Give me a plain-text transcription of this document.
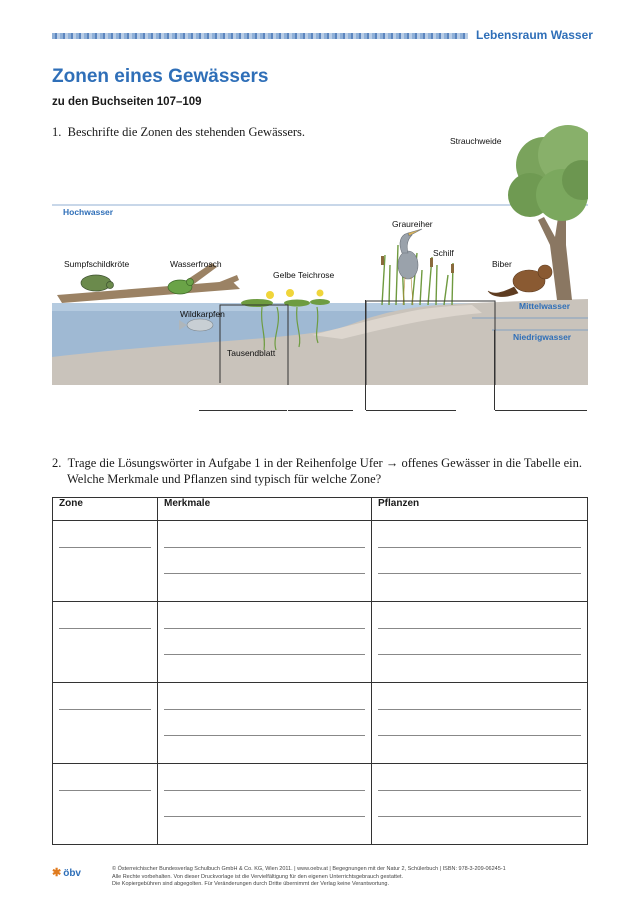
Lebensraum Wasser
Zonen eines Gewässers
zu den Buchseiten 107–109
1. Beschrifte die Zonen des stehenden Gewässers.
Strauchweide
Hochwasser
Graureiher
Schilf
Sumpfschildkröte	Wasserfrosch
Gelbe Teichrose
Biber
Mittelwasser
Wildkarpfen
Niedrigwasser
Tausendblatt
2. Trage die Lösungswörter in Aufgabe 1 in der Reihenfolge Ufer → offenes Gewässer in die Tabelle ein.
Welche Merkmale und Pflanzen sind typisch für welche Zone?
Zone	Merkmale	Pflanzen

✱ öbv	© Österreichischer Bundesverlag Schulbuch GmbH & Co. KG, Wien 2011. | www.oebv.at | Begegnungen mit der Natur 2, Schülerbuch | ISBN: 978-3-209-06245-1
Alle Rechte vorbehalten. Von dieser Druckvorlage ist die Vervielfältigung für den eigenen Unterrichtsgebrauch gestattet.
Die Kopiergebühren sind abgegolten. Für Veränderungen durch Dritte übernimmt der Verlag keine Verantwortung.
